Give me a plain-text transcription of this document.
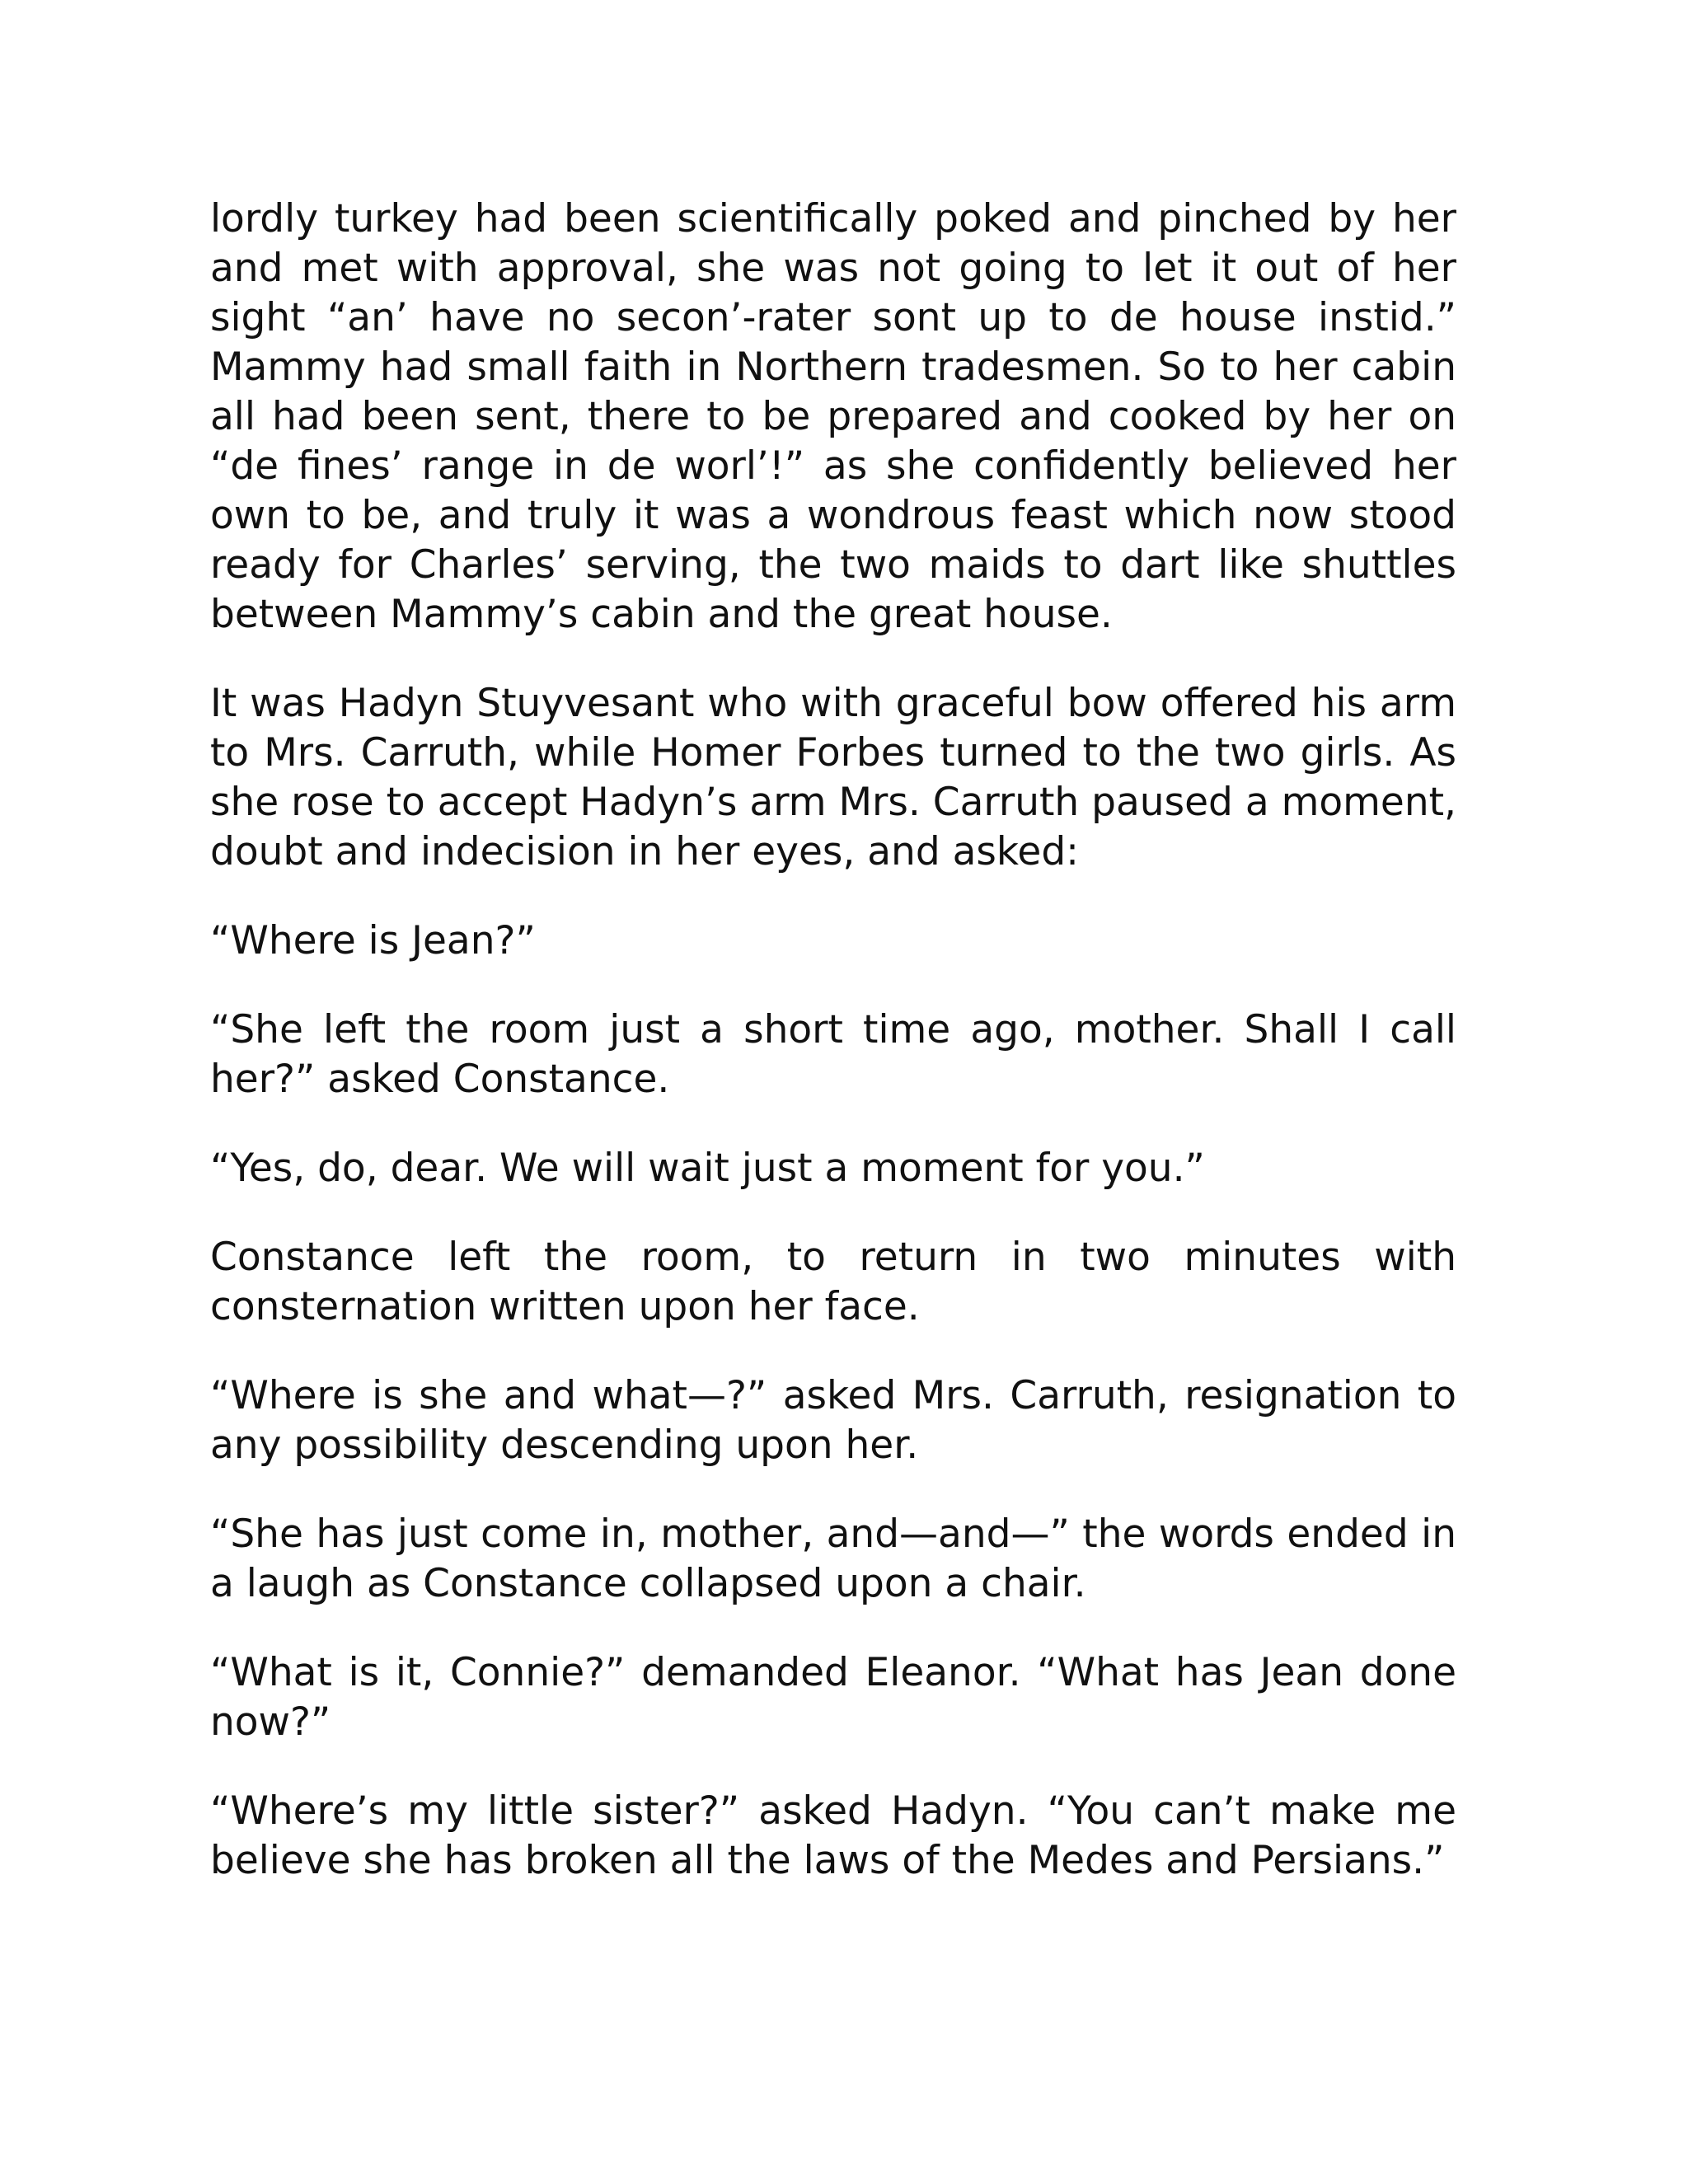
lordly turkey had been scientifically poked and pinched by her and met with approval, she was not going to let it out of her sight “an’ have no secon’-rater sont up to de house instid.” Mammy had small faith in Northern tradesmen. So to her cabin all had been sent, there to be prepared and cooked by her on “de fines’ range in de worl’!” as she confidently believed her own to be, and truly it was a wondrous feast which now stood ready for Charles’ serving, the two maids to dart like shuttles between Mammy’s cabin and the great house.

It was Hadyn Stuyvesant who with graceful bow offered his arm to Mrs. Carruth, while Homer Forbes turned to the two girls. As she rose to accept Hadyn’s arm Mrs. Carruth paused a moment, doubt and indecision in her eyes, and asked:

“Where is Jean?”

“She left the room just a short time ago, mother. Shall I call her?” asked Constance.

“Yes, do, dear. We will wait just a moment for you.”

Constance left the room, to return in two minutes with consternation written upon her face.

“Where is she and what—?” asked Mrs. Carruth, resignation to any possibility descending upon her.

“She has just come in, mother, and—and—” the words ended in a laugh as Constance collapsed upon a chair.

“What is it, Connie?” demanded Eleanor. “What has Jean done now?”

“Where’s my little sister?” asked Hadyn. “You can’t make me believe she has broken all the laws of the Medes and Persians.”
